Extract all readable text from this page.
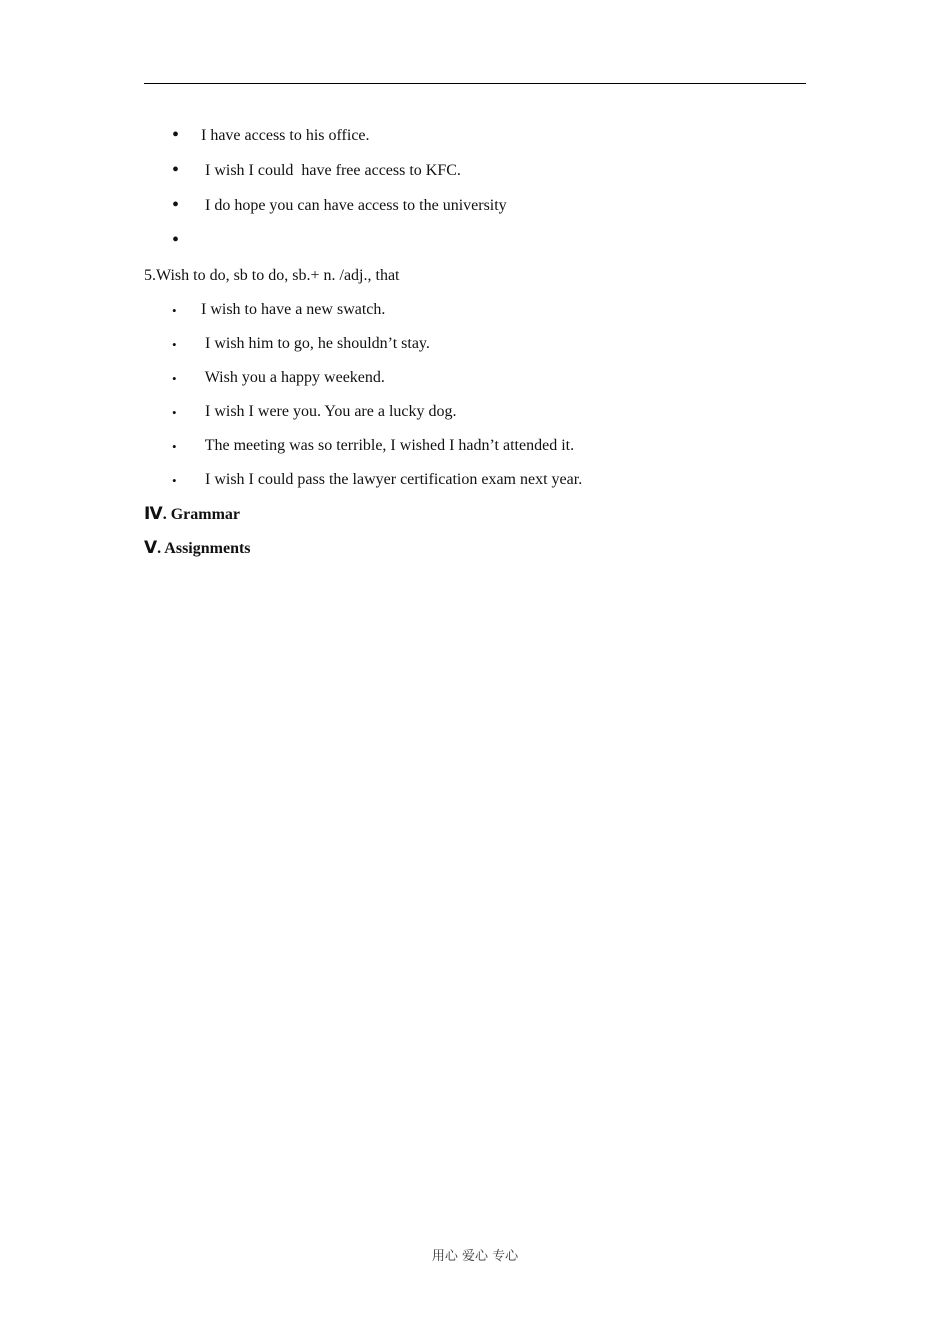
• I have access to his office.
• I wish I could  have free access to KFC.
• I do hope you can have access to the university
•
5.Wish to do, sb to do, sb.+ n. /adj., that
• I wish to have a new swatch.
• I wish him to go, he shouldn’t stay.
• Wish you a happy weekend.
• I wish I were you. You are a lucky dog.
• The meeting was so terrible, I wished I hadn’t attended it.
• I wish I could pass the lawyer certification exam next year.
Ⅳ. Grammar
Ⅴ. Assignments
用心 爱心 专心
